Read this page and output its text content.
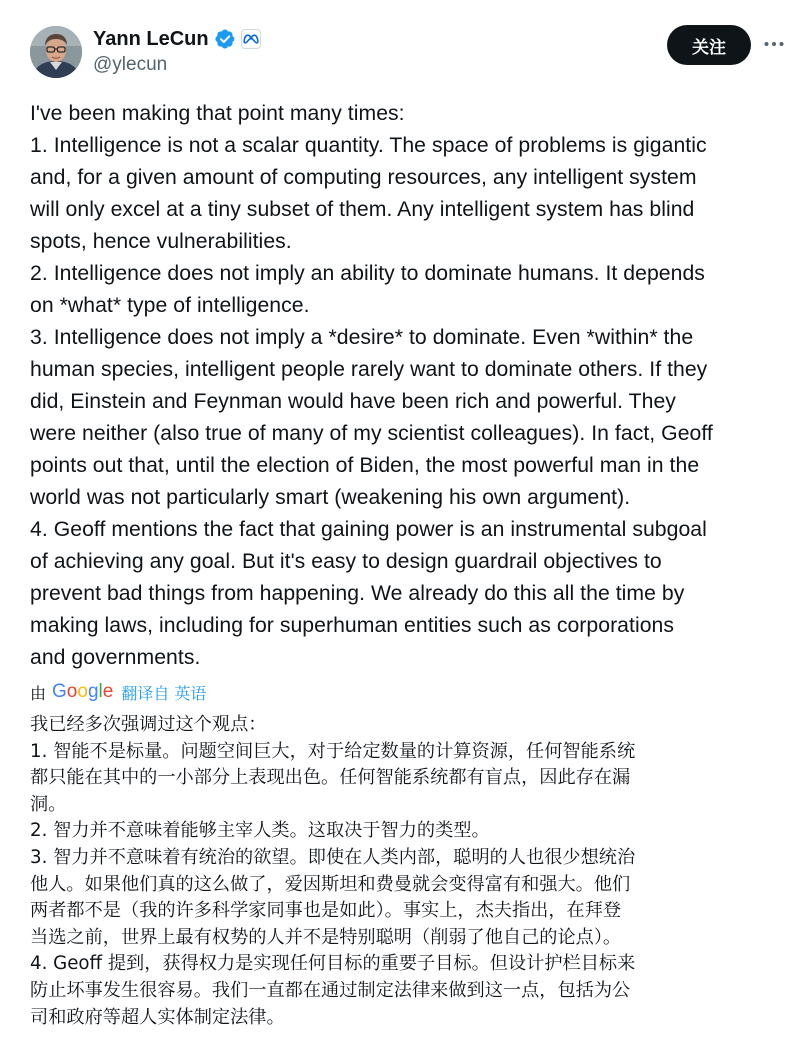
Yann LeCun
@ylecun
关注
I've been making that point many times:
1. Intelligence is not a scalar quantity. The space of problems is gigantic
and, for a given amount of computing resources, any intelligent system
will only excel at a tiny subset of them. Any intelligent system has blind
spots, hence vulnerabilities.
2. Intelligence does not imply an ability to dominate humans. It depends
on *what* type of intelligence.
3. Intelligence does not imply a *desire* to dominate. Even *within* the
human species, intelligent people rarely want to dominate others. If they
did, Einstein and Feynman would have been rich and powerful. They
were neither (also true of many of my scientist colleagues). In fact, Geoff
points out that, until the election of Biden, the most powerful man in the
world was not particularly smart (weakening his own argument).
4. Geoff mentions the fact that gaining power is an instrumental subgoal
of achieving any goal. But it's easy to design guardrail objectives to
prevent bad things from happening. We already do this all the time by
making laws, including for superhuman entities such as corporations
and governments.
由 Google 翻译自 英语
我已经多次强调过这个观点：
1. 智能不是标量。问题空间巨大，对于给定数量的计算资源，任何智能系统
都只能在其中的一小部分上表现出色。任何智能系统都有盲点，因此存在漏
洞。
2. 智力并不意味着能够主宰人类。这取决于智力的类型。
3. 智力并不意味着有统治的欲望。即使在人类内部，聪明的人也很少想统治
他人。如果他们真的这么做了，爱因斯坦和费曼就会变得富有和强大。他们
两者都不是（我的许多科学家同事也是如此）。事实上，杰夫指出，在拜登
当选之前，世界上最有权势的人并不是特别聪明（削弱了他自己的论点）。
4. Geoff 提到，获得权力是实现任何目标的重要子目标。但设计护栏目标来
防止坏事发生很容易。我们一直都在通过制定法律来做到这一点，包括为公
司和政府等超人实体制定法律。
